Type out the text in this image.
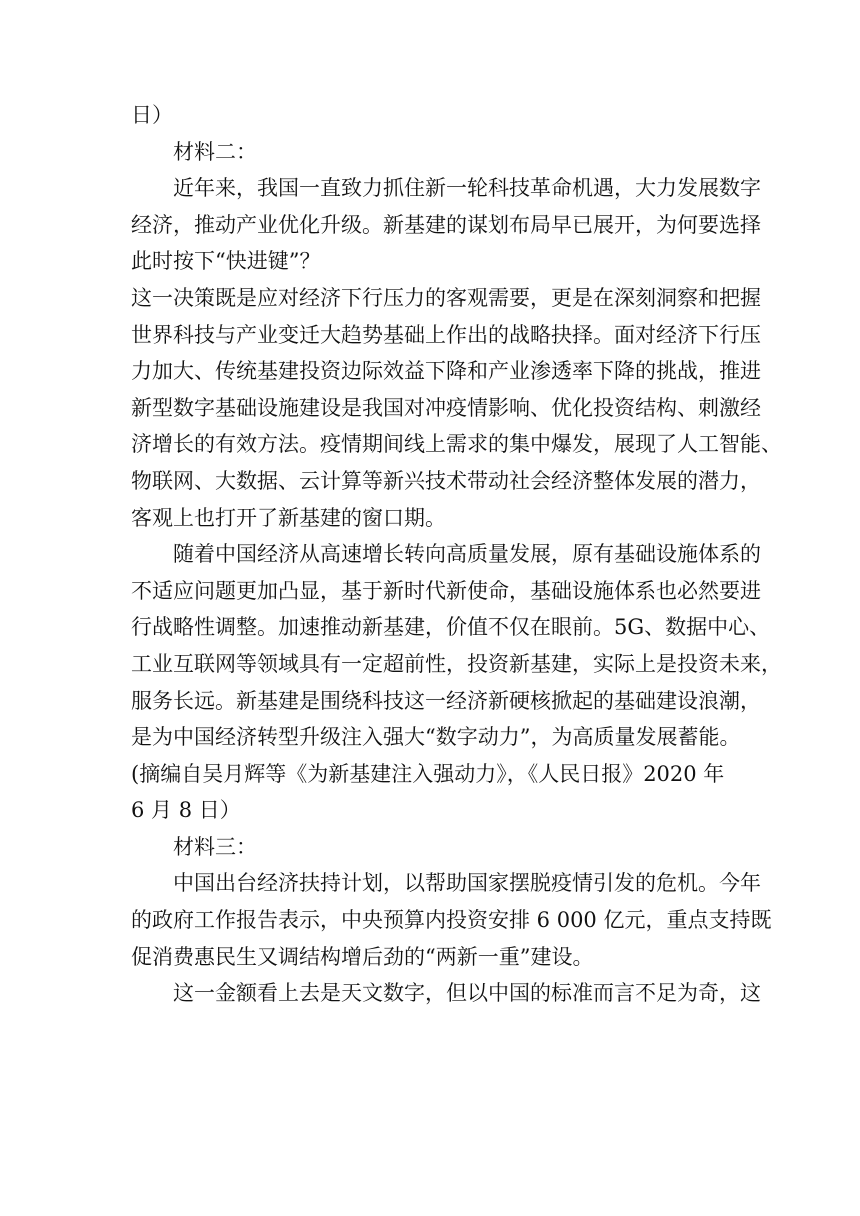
日）
材料二：
近年来，我国一直致力抓住新一轮科技革命机遇，大力发展数字
经济，推动产业优化升级。新基建的谋划布局早已展开，为何要选择
此时按下“快进键”？
这一决策既是应对经济下行压力的客观需要，更是在深刻洞察和把握
世界科技与产业变迁大趋势基础上作出的战略抉择。面对经济下行压
力加大、传统基建投资边际效益下降和产业渗透率下降的挑战，推进
新型数字基础设施建设是我国对冲疫情影响、优化投资结构、刺激经
济增长的有效方法。疫情期间线上需求的集中爆发，展现了人工智能、
物联网、大数据、云计算等新兴技术带动社会经济整体发展的潜力，
客观上也打开了新基建的窗口期。
随着中国经济从高速增长转向高质量发展，原有基础设施体系的
不适应问题更加凸显，基于新时代新使命，基础设施体系也必然要进
行战略性调整。加速推动新基建，价值不仅在眼前。5G、数据中心、
工业互联网等领域具有一定超前性，投资新基建，实际上是投资未来，
服务长远。新基建是围绕科技这一经济新硬核掀起的基础建设浪潮，
是为中国经济转型升级注入强大“数字动力”，为高质量发展蓄能。
(摘编自吴月辉等《为新基建注入强动力》，《人民日报》2020 年
6 月 8 日）
材料三：
中国出台经济扶持计划，以帮助国家摆脱疫情引发的危机。今年
的政府工作报告表示，中央预算内投资安排 6 000 亿元，重点支持既
促消费惠民生又调结构增后劲的“两新一重”建设。
这一金额看上去是天文数字，但以中国的标准而言不足为奇，这
